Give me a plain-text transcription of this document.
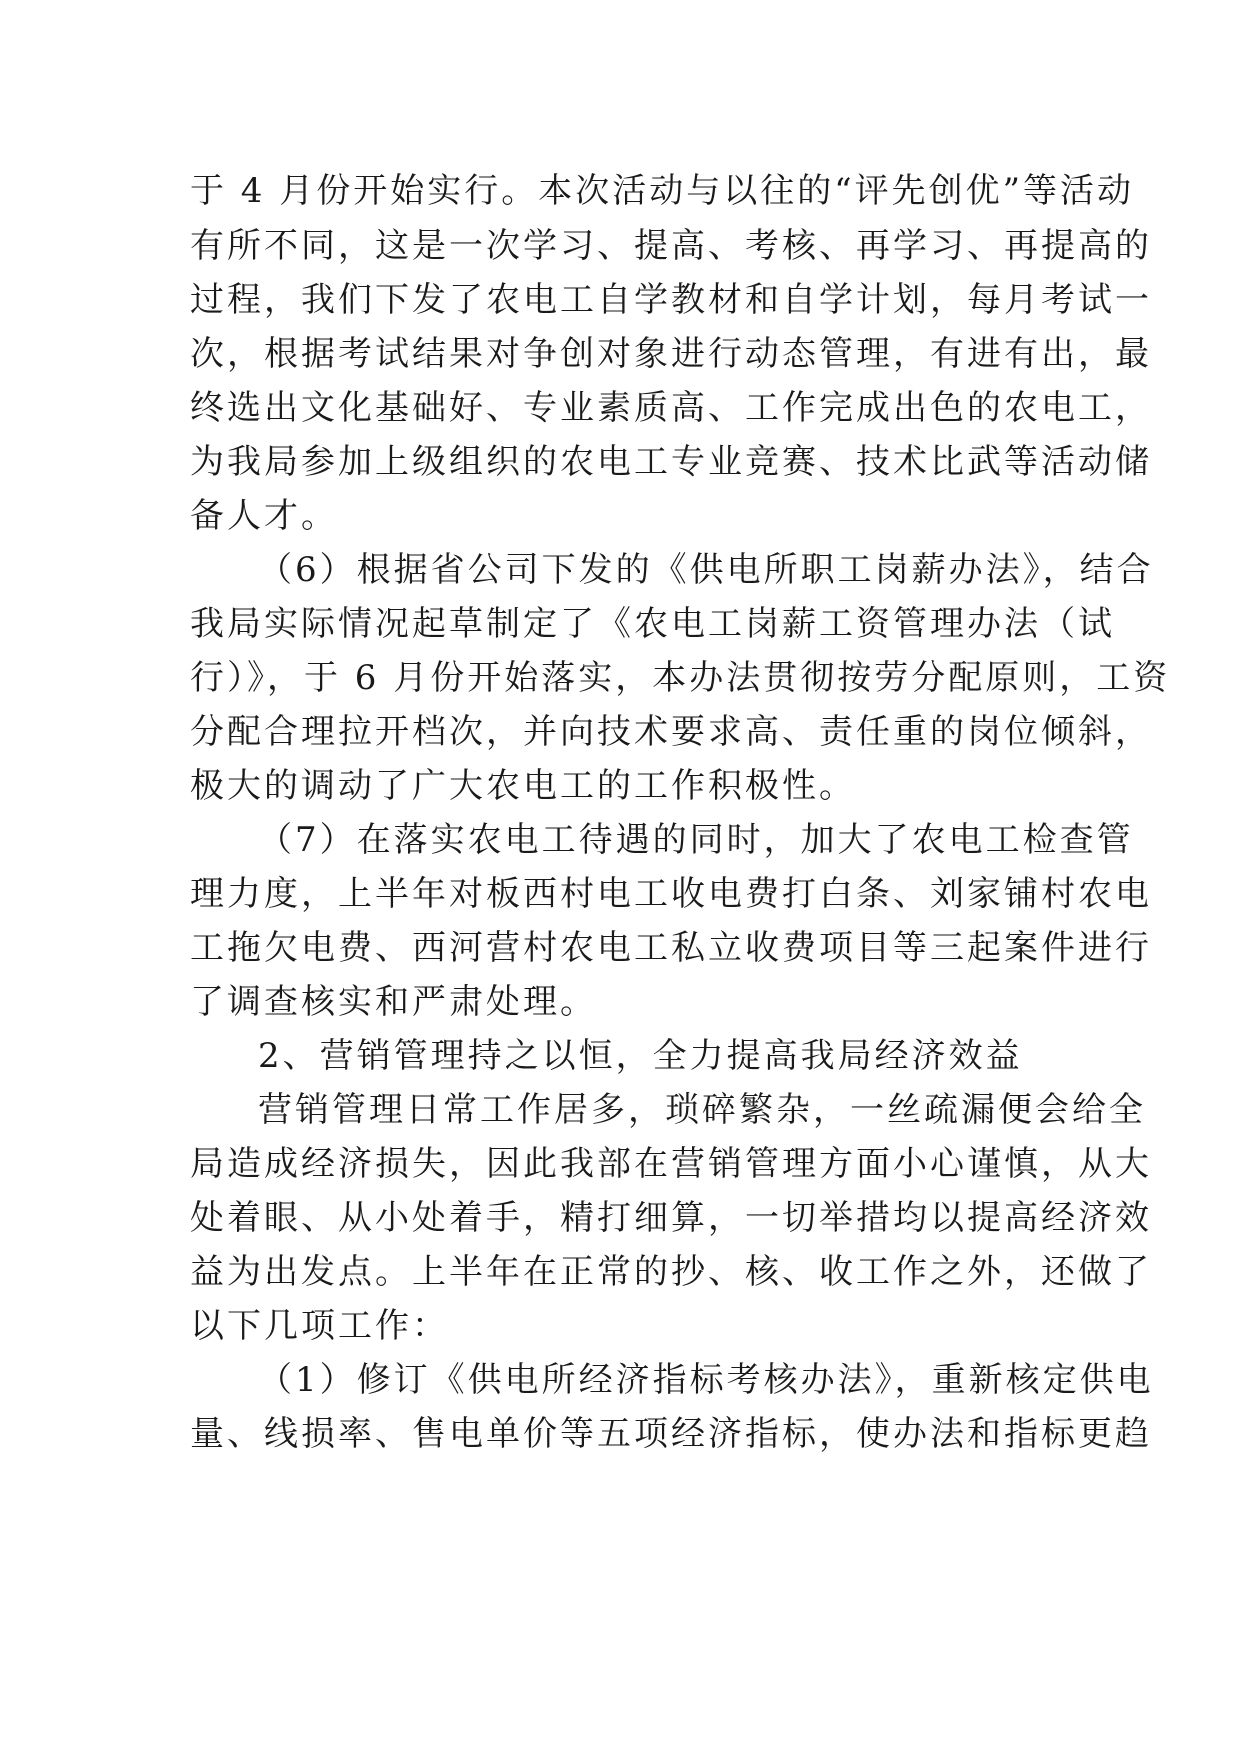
于 4 月份开始实行。本次活动与以往的“评先创优”等活动
有所不同，这是一次学习、提高、考核、再学习、再提高的
过程，我们下发了农电工自学教材和自学计划，每月考试一
次，根据考试结果对争创对象进行动态管理，有进有出，最
终选出文化基础好、专业素质高、工作完成出色的农电工，
为我局参加上级组织的农电工专业竞赛、技术比武等活动储
备人才。
（6）根据省公司下发的《供电所职工岗薪办法》，结合
我局实际情况起草制定了《农电工岗薪工资管理办法（试
行）》，于 6 月份开始落实，本办法贯彻按劳分配原则，工资
分配合理拉开档次，并向技术要求高、责任重的岗位倾斜，
极大的调动了广大农电工的工作积极性。
（7）在落实农电工待遇的同时，加大了农电工检查管
理力度，上半年对板西村电工收电费打白条、刘家铺村农电
工拖欠电费、西河营村农电工私立收费项目等三起案件进行
了调查核实和严肃处理。
2、营销管理持之以恒，全力提高我局经济效益
营销管理日常工作居多，琐碎繁杂，一丝疏漏便会给全
局造成经济损失，因此我部在营销管理方面小心谨慎，从大
处着眼、从小处着手，精打细算，一切举措均以提高经济效
益为出发点。上半年在正常的抄、核、收工作之外，还做了
以下几项工作：
（1）修订《供电所经济指标考核办法》，重新核定供电
量、线损率、售电单价等五项经济指标，使办法和指标更趋
